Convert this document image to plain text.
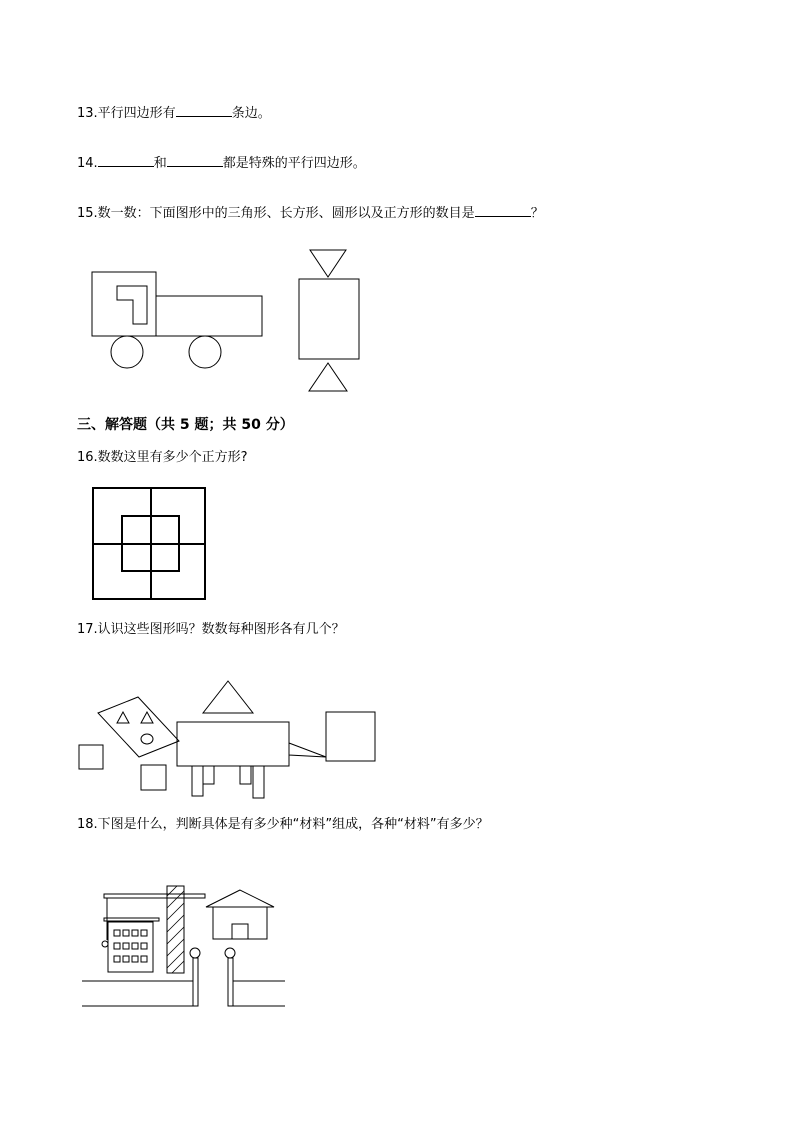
13.平行四边形有	条边。
14.	和	都是特殊的平行四边形。
15.数一数：下面图形中的三角形、长方形、圆形以及正方形的数目是	？
三、解答题（共 5 题；共 50 分）
16.数数这里有多少个正方形?
17.认识这些图形吗？数数每种图形各有几个？
18.下图是什么，判断具体是有多少种“材料”组成，各种“材料”有多少？
